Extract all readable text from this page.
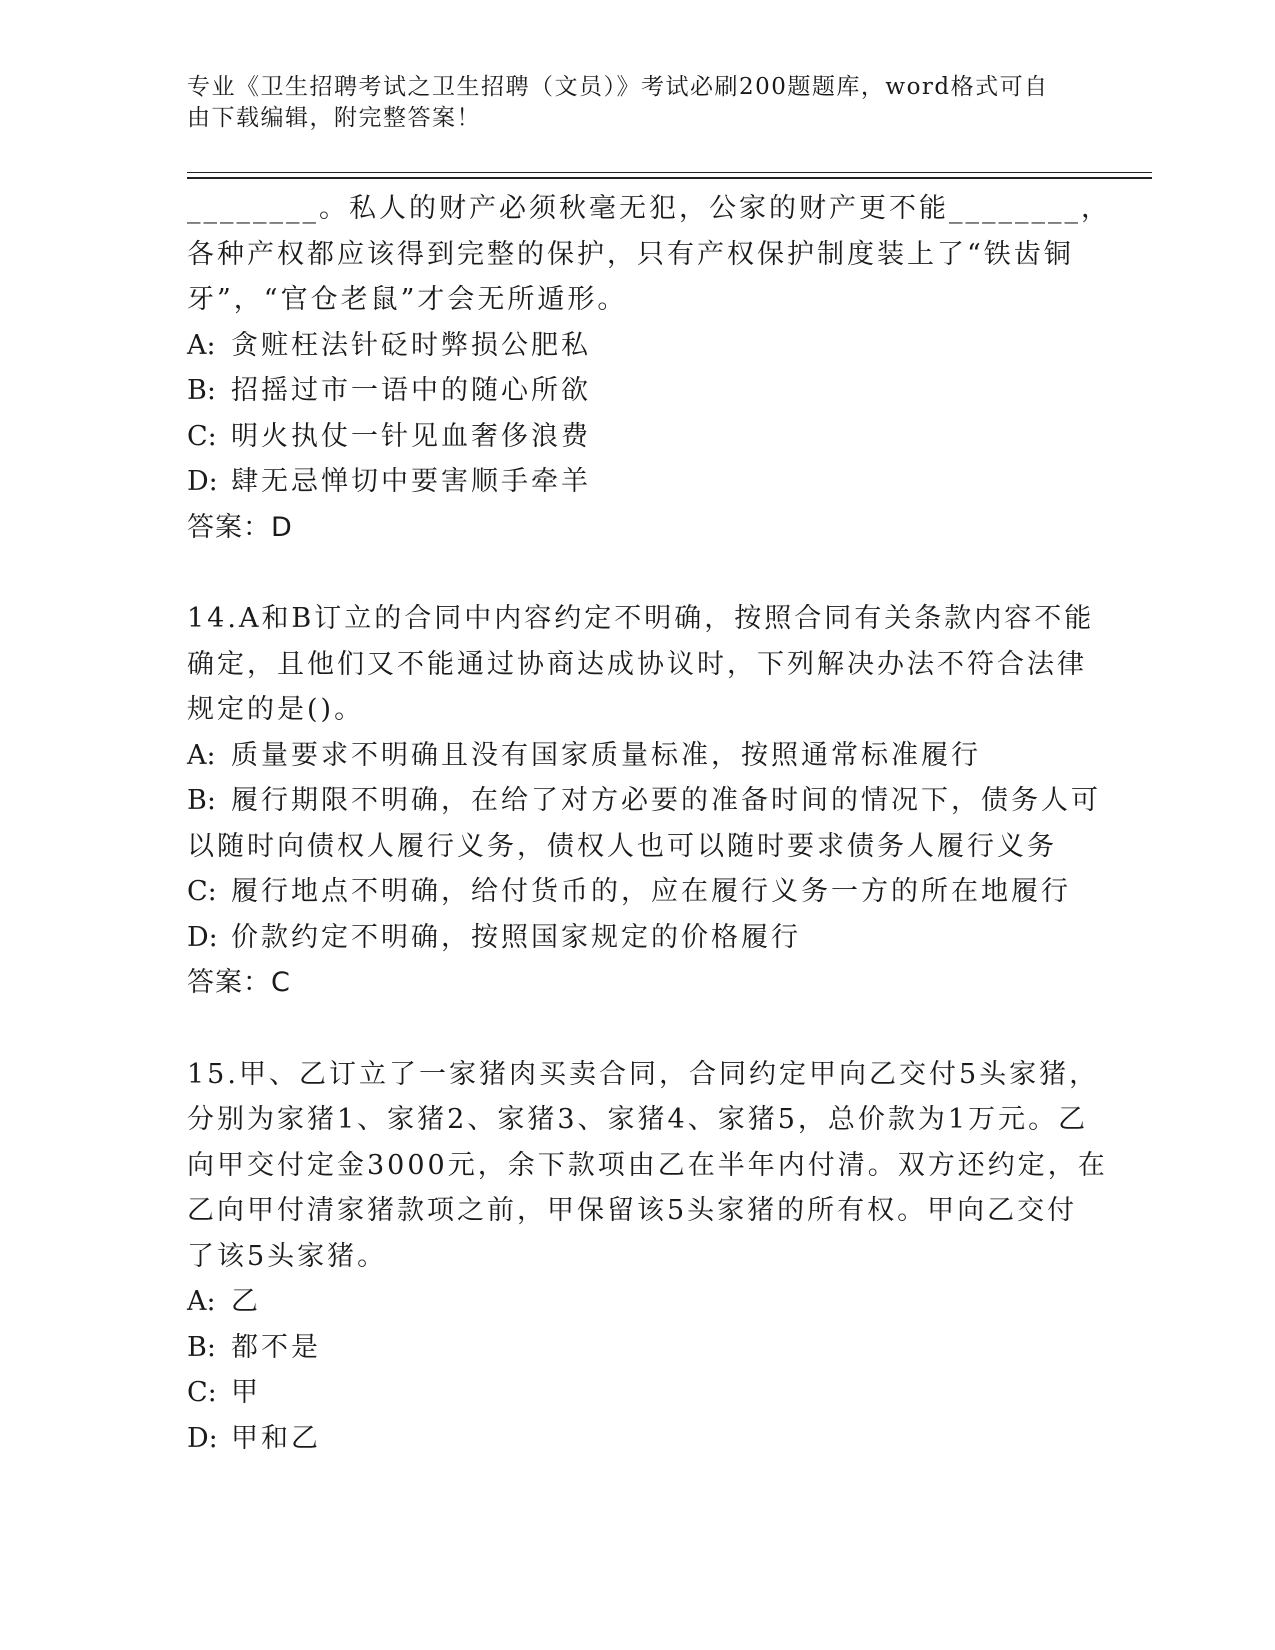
专业《卫生招聘考试之卫生招聘（文员）》考试必刷200题题库，word格式可自
由下载编辑，附完整答案！
________。私人的财产必须秋毫无犯，公家的财产更不能________，
各种产权都应该得到完整的保护，只有产权保护制度装上了“铁齿铜
牙”，“官仓老鼠”才会无所遁形。
A: 贪赃枉法针砭时弊损公肥私
B: 招摇过市一语中的随心所欲
C: 明火执仗一针见血奢侈浪费
D: 肆无忌惮切中要害顺手牵羊
答案：D
14.A和B订立的合同中内容约定不明确，按照合同有关条款内容不能
确定，且他们又不能通过协商达成协议时，下列解决办法不符合法律
规定的是()。
A: 质量要求不明确且没有国家质量标准，按照通常标准履行
B: 履行期限不明确，在给了对方必要的准备时间的情况下，债务人可
以随时向债权人履行义务，债权人也可以随时要求债务人履行义务
C: 履行地点不明确，给付货币的，应在履行义务一方的所在地履行
D: 价款约定不明确，按照国家规定的价格履行
答案：C
15.甲、乙订立了一家猪肉买卖合同，合同约定甲向乙交付5头家猪，
分别为家猪1、家猪2、家猪3、家猪4、家猪5，总价款为1万元。乙
向甲交付定金3000元，余下款项由乙在半年内付清。双方还约定，在
乙向甲付清家猪款项之前，甲保留该5头家猪的所有权。甲向乙交付
了该5头家猪。
A: 乙
B: 都不是
C: 甲
D: 甲和乙
